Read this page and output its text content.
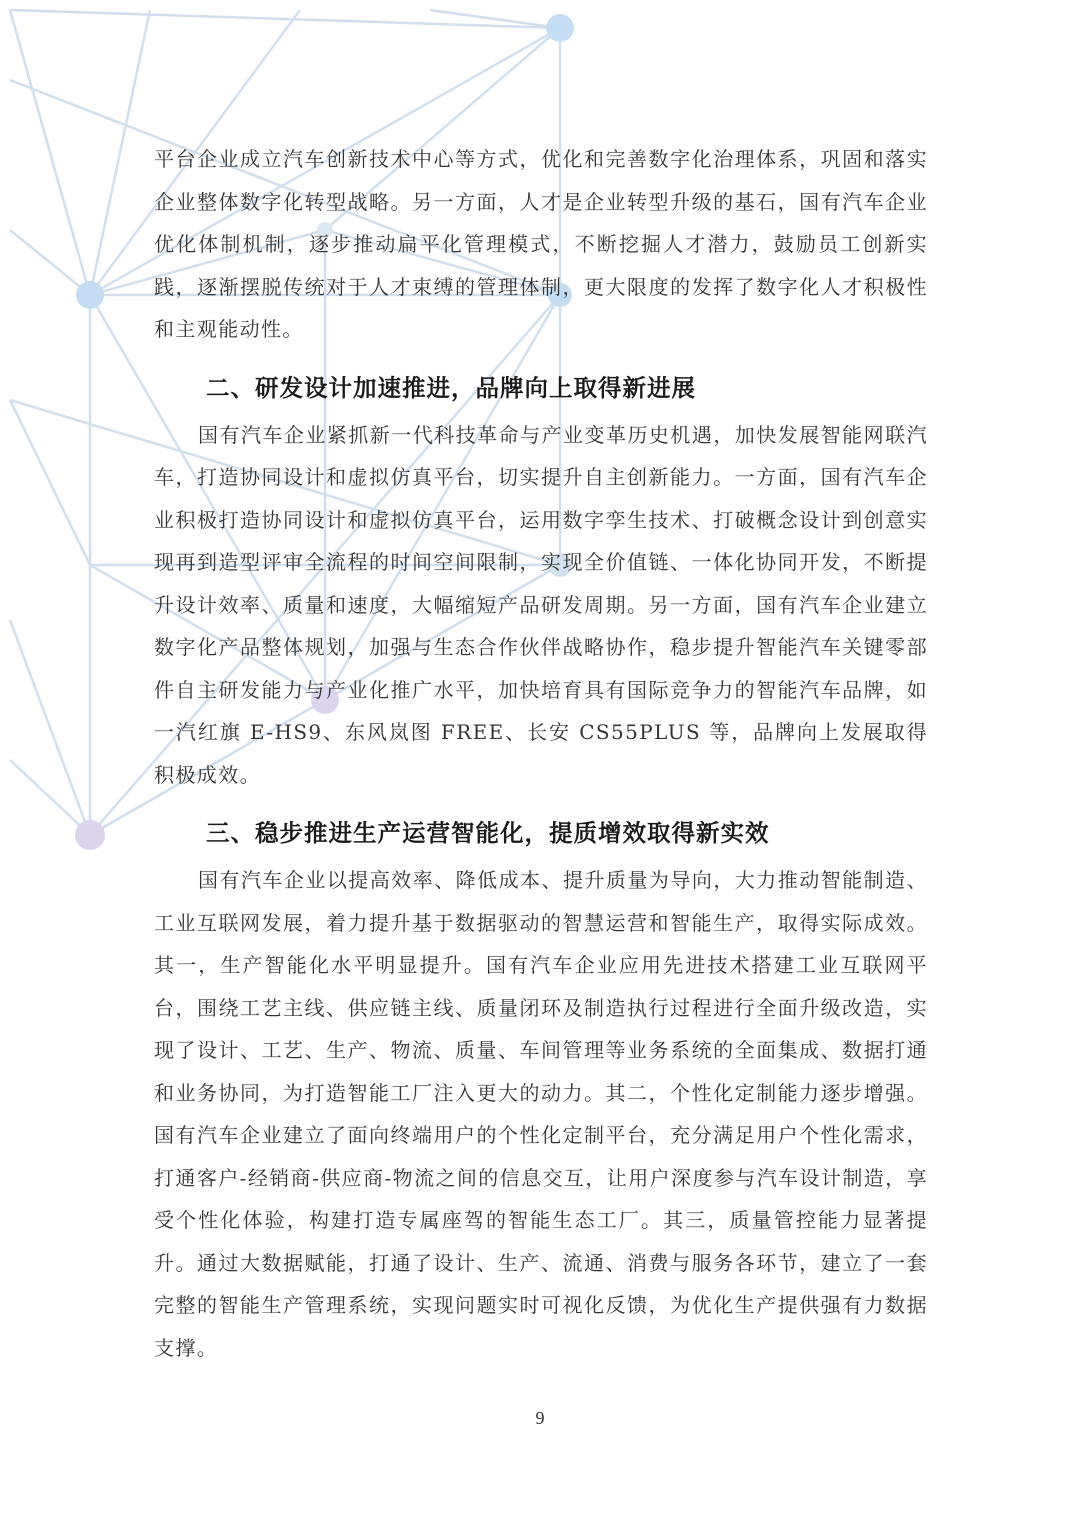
平台企业成立汽车创新技术中心等方式，优化和完善数字化治理体系，巩固和落实企业整体数字化转型战略。另一方面，人才是企业转型升级的基石，国有汽车企业优化体制机制，逐步推动扁平化管理模式，不断挖掘人才潜力，鼓励员工创新实践，逐渐摆脱传统对于人才束缚的管理体制，更大限度的发挥了数字化人才积极性和主观能动性。

二、研发设计加速推进，品牌向上取得新进展

国有汽车企业紧抓新一代科技革命与产业变革历史机遇，加快发展智能网联汽车，打造协同设计和虚拟仿真平台，切实提升自主创新能力。一方面，国有汽车企业积极打造协同设计和虚拟仿真平台，运用数字孪生技术、打破概念设计到创意实现再到造型评审全流程的时间空间限制，实现全价值链、一体化协同开发，不断提升设计效率、质量和速度，大幅缩短产品研发周期。另一方面，国有汽车企业建立数字化产品整体规划，加强与生态合作伙伴战略协作，稳步提升智能汽车关键零部件自主研发能力与产业化推广水平，加快培育具有国际竞争力的智能汽车品牌，如一汽红旗 E-HS9、东风岚图 FREE、长安 CS55PLUS 等，品牌向上发展取得积极成效。

三、稳步推进生产运营智能化，提质增效取得新实效

国有汽车企业以提高效率、降低成本、提升质量为导向，大力推动智能制造、工业互联网发展，着力提升基于数据驱动的智慧运营和智能生产，取得实际成效。其一，生产智能化水平明显提升。国有汽车企业应用先进技术搭建工业互联网平台，围绕工艺主线、供应链主线、质量闭环及制造执行过程进行全面升级改造，实现了设计、工艺、生产、物流、质量、车间管理等业务系统的全面集成、数据打通和业务协同，为打造智能工厂注入更大的动力。其二，个性化定制能力逐步增强。国有汽车企业建立了面向终端用户的个性化定制平台，充分满足用户个性化需求，打通客户-经销商-供应商-物流之间的信息交互，让用户深度参与汽车设计制造，享受个性化体验，构建打造专属座驾的智能生态工厂。其三，质量管控能力显著提升。通过大数据赋能，打通了设计、生产、流通、消费与服务各环节，建立了一套完整的智能生产管理系统，实现问题实时可视化反馈，为优化生产提供强有力数据支撑。

9
